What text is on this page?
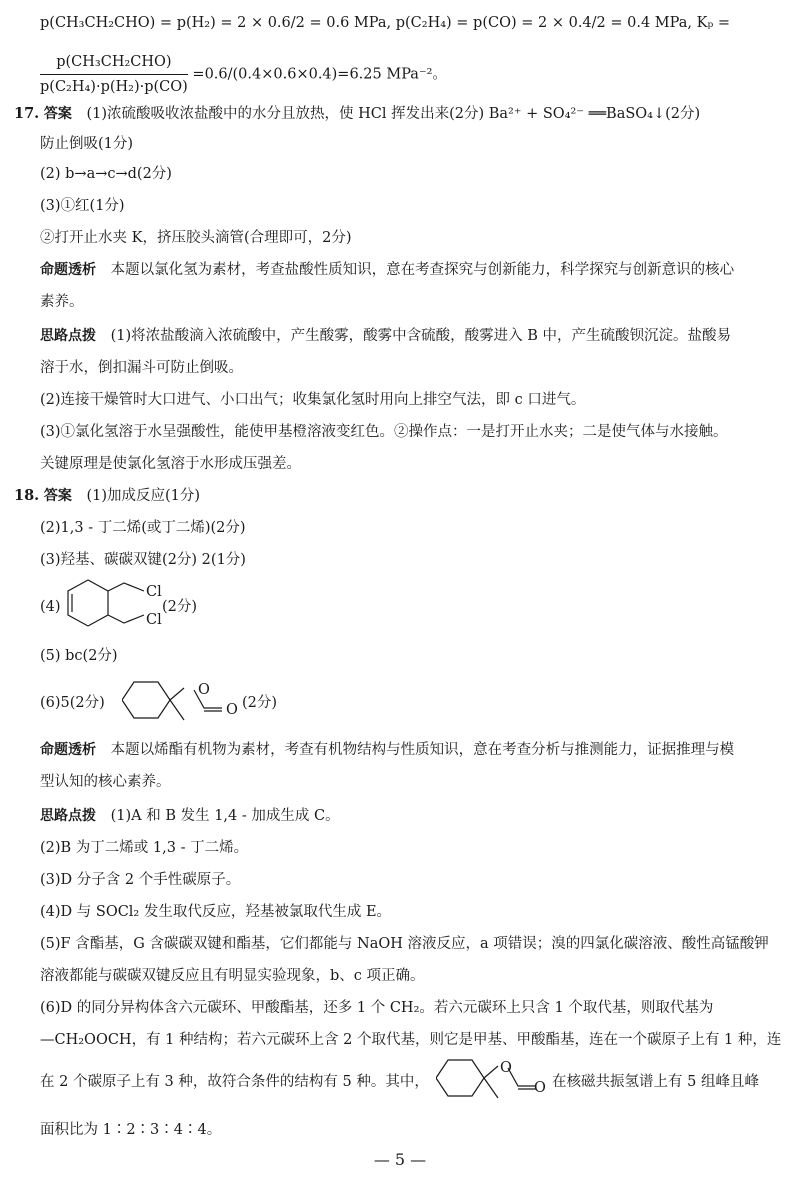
p(CH₃CH₂CHO) = p(H₂) = 2 × 0.6/2 = 0.6 MPa, p(C₂H₄) = p(CO) = 2 × 0.4/2 = 0.4 MPa, Kₚ =
$\frac{\text{p(CH₃CH₂CHO)}}{\text{p(C₂H₄)·p(H₂)·p(CO)}} =0.6/(0.4\times 0.6\times 0.4)=6.25$ MPa⁻²。
17. 答案 (1)浓硫酸吸收浓盐酸中的水分且放热，使 HCl 挥发出来(2分) Ba²⁺ + SO₄²⁻ ══BaSO₄↓(2分)
防止倒吸(1分)
(2) b→a→c→d(2分)
(3)①红(1分)
②打开止水夹 K，挤压胶头滴管(合理即可，2分)
命题透析 本题以氯化氢为素材，考查盐酸性质知识，意在考查探究与创新能力，科学探究与创新意识的核心
素养。
思路点拨 (1)将浓盐酸滴入浓硫酸中，产生酸雾，酸雾中含硫酸，酸雾进入 B 中，产生硫酸钡沉淀。盐酸易
溶于水，倒扣漏斗可防止倒吸。
(2)连接干燥管时大口进气、小口出气；收集氯化氢时用向上排空气法，即 c 口进气。
(3)①氯化氢溶于水呈强酸性，能使甲基橙溶液变红色。②操作点：一是打开止水夹；二是使气体与水接触。
关键原理是使氯化氢溶于水形成压强差。
18. 答案 (1)加成反应(1分)
(2)1,3 - 丁二烯(或丁二烯)(2分)
(3)羟基、碳碳双键(2分) 2(1分)
(4)
Cl
Cl
(2分)
(5) bc(2分)
(6)5(2分)
O
O (2分)
命题透析 本题以烯酯有机物为素材，考查有机物结构与性质知识，意在考查分析与推测能力，证据推理与模
型认知的核心素养。
思路点拨 (1)A 和 B 发生 1,4 - 加成生成 C。
(2)B 为丁二烯或 1,3 - 丁二烯。
(3)D 分子含 2 个手性碳原子。
(4)D 与 SOCl₂ 发生取代反应，羟基被氯取代生成 E。
(5)F 含酯基，G 含碳碳双键和酯基，它们都能与 NaOH 溶液反应，a 项错误；溴的四氯化碳溶液、酸性高锰酸钾
溶液都能与碳碳双键反应且有明显实验现象，b、c 项正确。
(6)D 的同分异构体含六元碳环、甲酸酯基，还多 1 个 CH₂。若六元碳环上只含 1 个取代基，则取代基为
—CH₂OOCH，有 1 种结构；若六元碳环上含 2 个取代基，则它是甲基、甲酸酯基，连在一个碳原子上有 1 种，连
在 2 个碳原子上有 3 种，故符合条件的结构有 5 种。其中，
O
O 在核磁共振氢谱上有 5 组峰且峰
面积比为 1∶2∶3∶4∶4。
— 5 —
